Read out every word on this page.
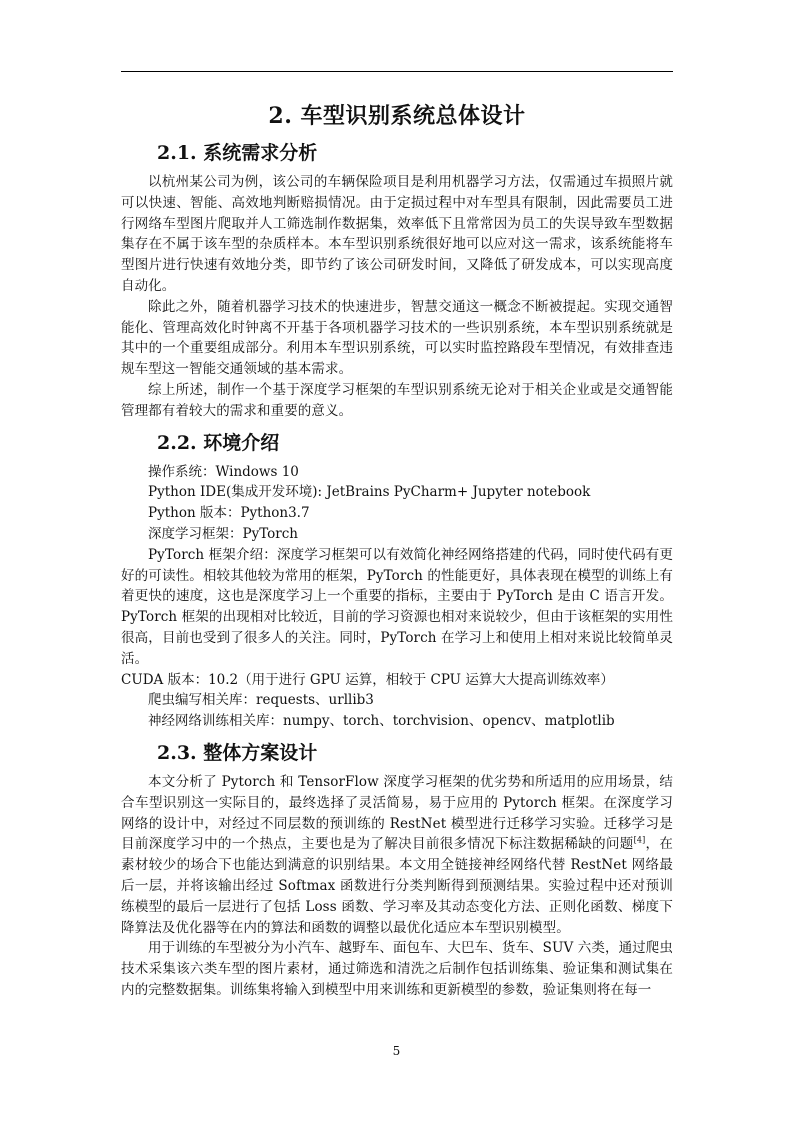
2. 车型识别系统总体设计
2.1. 系统需求分析

以杭州某公司为例，该公司的车辆保险项目是利用机器学习方法，仅需通过车损照片就可以快速、智能、高效地判断赔损情况。由于定损过程中对车型具有限制，因此需要员工进行网络车型图片爬取并人工筛选制作数据集，效率低下且常常因为员工的失误导致车型数据集存在不属于该车型的杂质样本。本车型识别系统很好地可以应对这一需求，该系统能将车型图片进行快速有效地分类，即节约了该公司研发时间，又降低了研发成本，可以实现高度自动化。

除此之外，随着机器学习技术的快速进步，智慧交通这一概念不断被提起。实现交通智能化、管理高效化时钟离不开基于各项机器学习技术的一些识别系统，本车型识别系统就是其中的一个重要组成部分。利用本车型识别系统，可以实时监控路段车型情况，有效排查违规车型这一智能交通领域的基本需求。

综上所述，制作一个基于深度学习框架的车型识别系统无论对于相关企业或是交通智能管理都有着较大的需求和重要的意义。

2.2. 环境介绍

操作系统：Windows 10

Python IDE(集成开发环境): JetBrains PyCharm+ Jupyter notebook

Python 版本：Python3.7

深度学习框架：PyTorch

PyTorch 框架介绍：深度学习框架可以有效简化神经网络搭建的代码，同时使代码有更好的可读性。相较其他较为常用的框架，PyTorch 的性能更好，具体表现在模型的训练上有着更快的速度，这也是深度学习上一个重要的指标，主要由于 PyTorch 是由 C 语言开发。PyTorch 框架的出现相对比较近，目前的学习资源也相对来说较少，但由于该框架的实用性很高，目前也受到了很多人的关注。同时，PyTorch 在学习上和使用上相对来说比较简单灵活。

CUDA 版本：10.2（用于进行 GPU 运算，相较于 CPU 运算大大提高训练效率）

爬虫编写相关库：requests、urllib3

神经网络训练相关库：numpy、torch、torchvision、opencv、matplotlib

2.3. 整体方案设计

本文分析了 Pytorch 和 TensorFlow 深度学习框架的优劣势和所适用的应用场景，结合车型识别这一实际目的，最终选择了灵活简易，易于应用的 Pytorch 框架。在深度学习网络的设计中，对经过不同层数的预训练的 RestNet 模型进行迁移学习实验。迁移学习是目前深度学习中的一个热点，主要也是为了解决目前很多情况下标注数据稀缺的问题[4]，在素材较少的场合下也能达到满意的识别结果。本文用全链接神经网络代替 RestNet 网络最后一层，并将该输出经过 Softmax 函数进行分类判断得到预测结果。实验过程中还对预训练模型的最后一层进行了包括 Loss 函数、学习率及其动态变化方法、正则化函数、梯度下降算法及优化器等在内的算法和函数的调整以最优化适应本车型识别模型。

用于训练的车型被分为小汽车、越野车、面包车、大巴车、货车、SUV 六类，通过爬虫技术采集该六类车型的图片素材，通过筛选和清洗之后制作包括训练集、验证集和测试集在内的完整数据集。训练集将输入到模型中用来训练和更新模型的参数，验证集则将在每一

5
